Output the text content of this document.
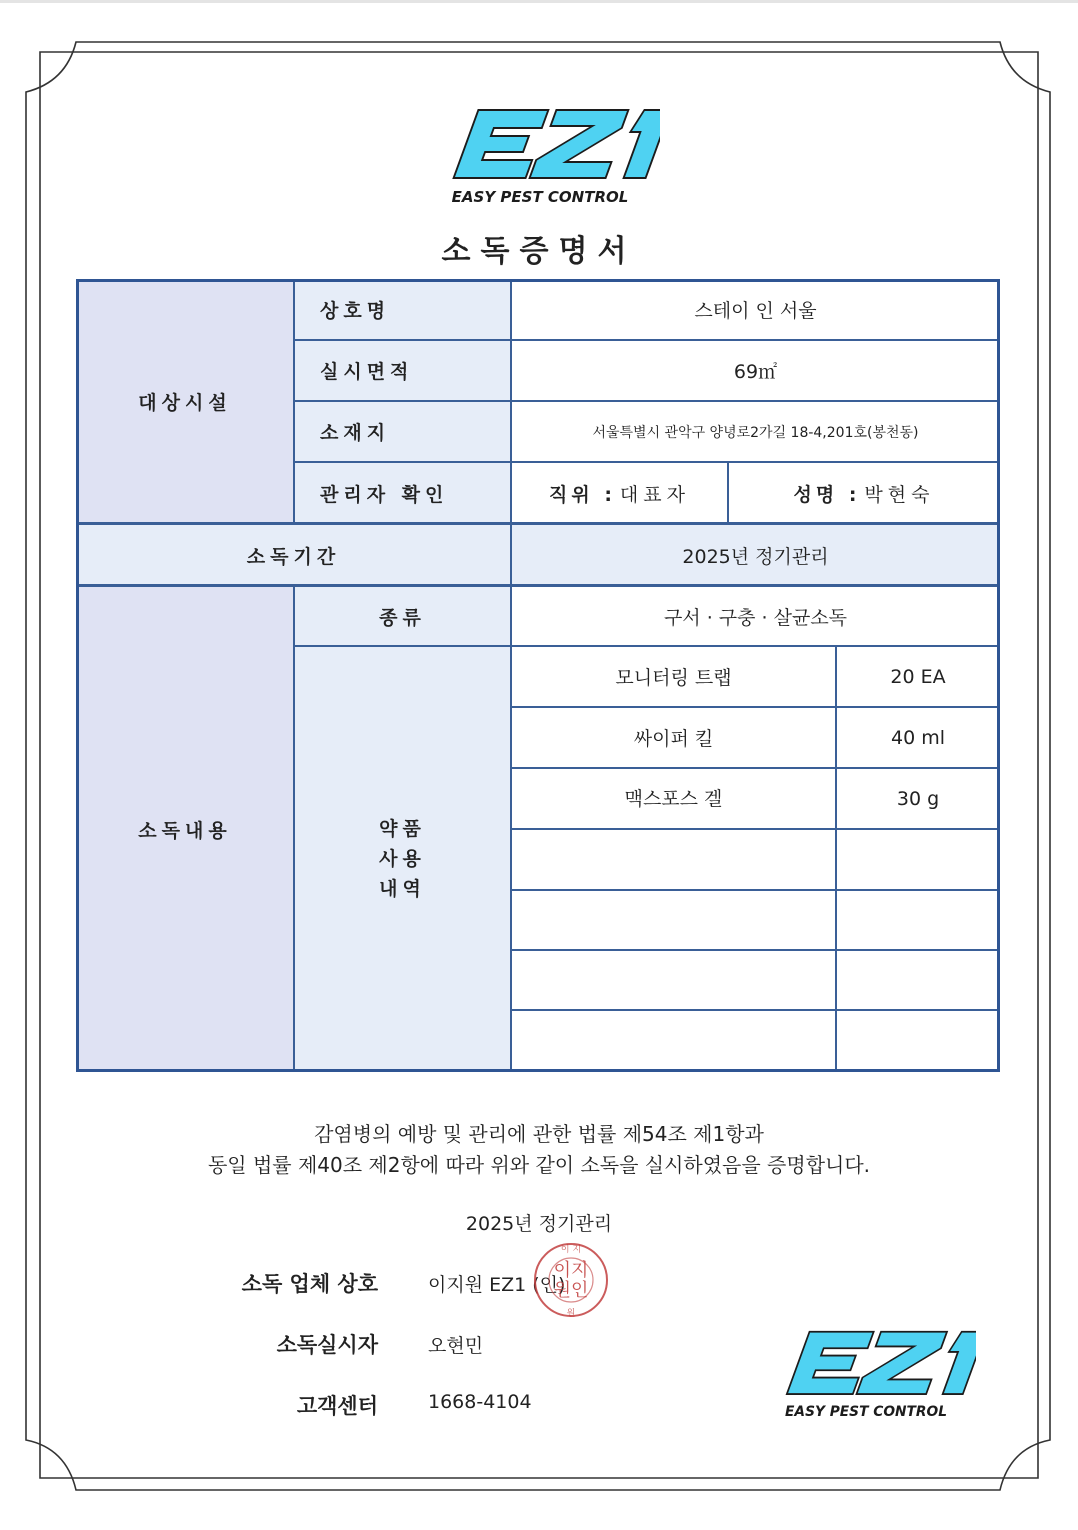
EASY PEST CONTROL
소독증명서
대상시설
상호명	스테이 인 서울
실시면적	69㎡
소재지	서울특별시 관악구 양녕로2가길 18-4,201호(봉천동)
관리자 확인	직위 : 대표자	성명 : 박현숙
소독기간	2025년 정기관리
소독내용
종류	구서 · 구충 · 살균소독
약품
사용
내역
모니터링 트랩	20 EA
싸이퍼 킬	40 ml
맥스포스 겔	30 g
감염병의 예방 및 관리에 관한 법률 제54조 제1항과
동일 법률 제40조 제2항에 따라 위와 같이 소독을 실시하였음을 증명합니다.
2025년 정기관리
소독 업체 상호	이지원 EZ1 (인)
소독실시자	오현민
고객센터	1668-4104
이지
원인
이 지
원
EASY PEST CONTROL
